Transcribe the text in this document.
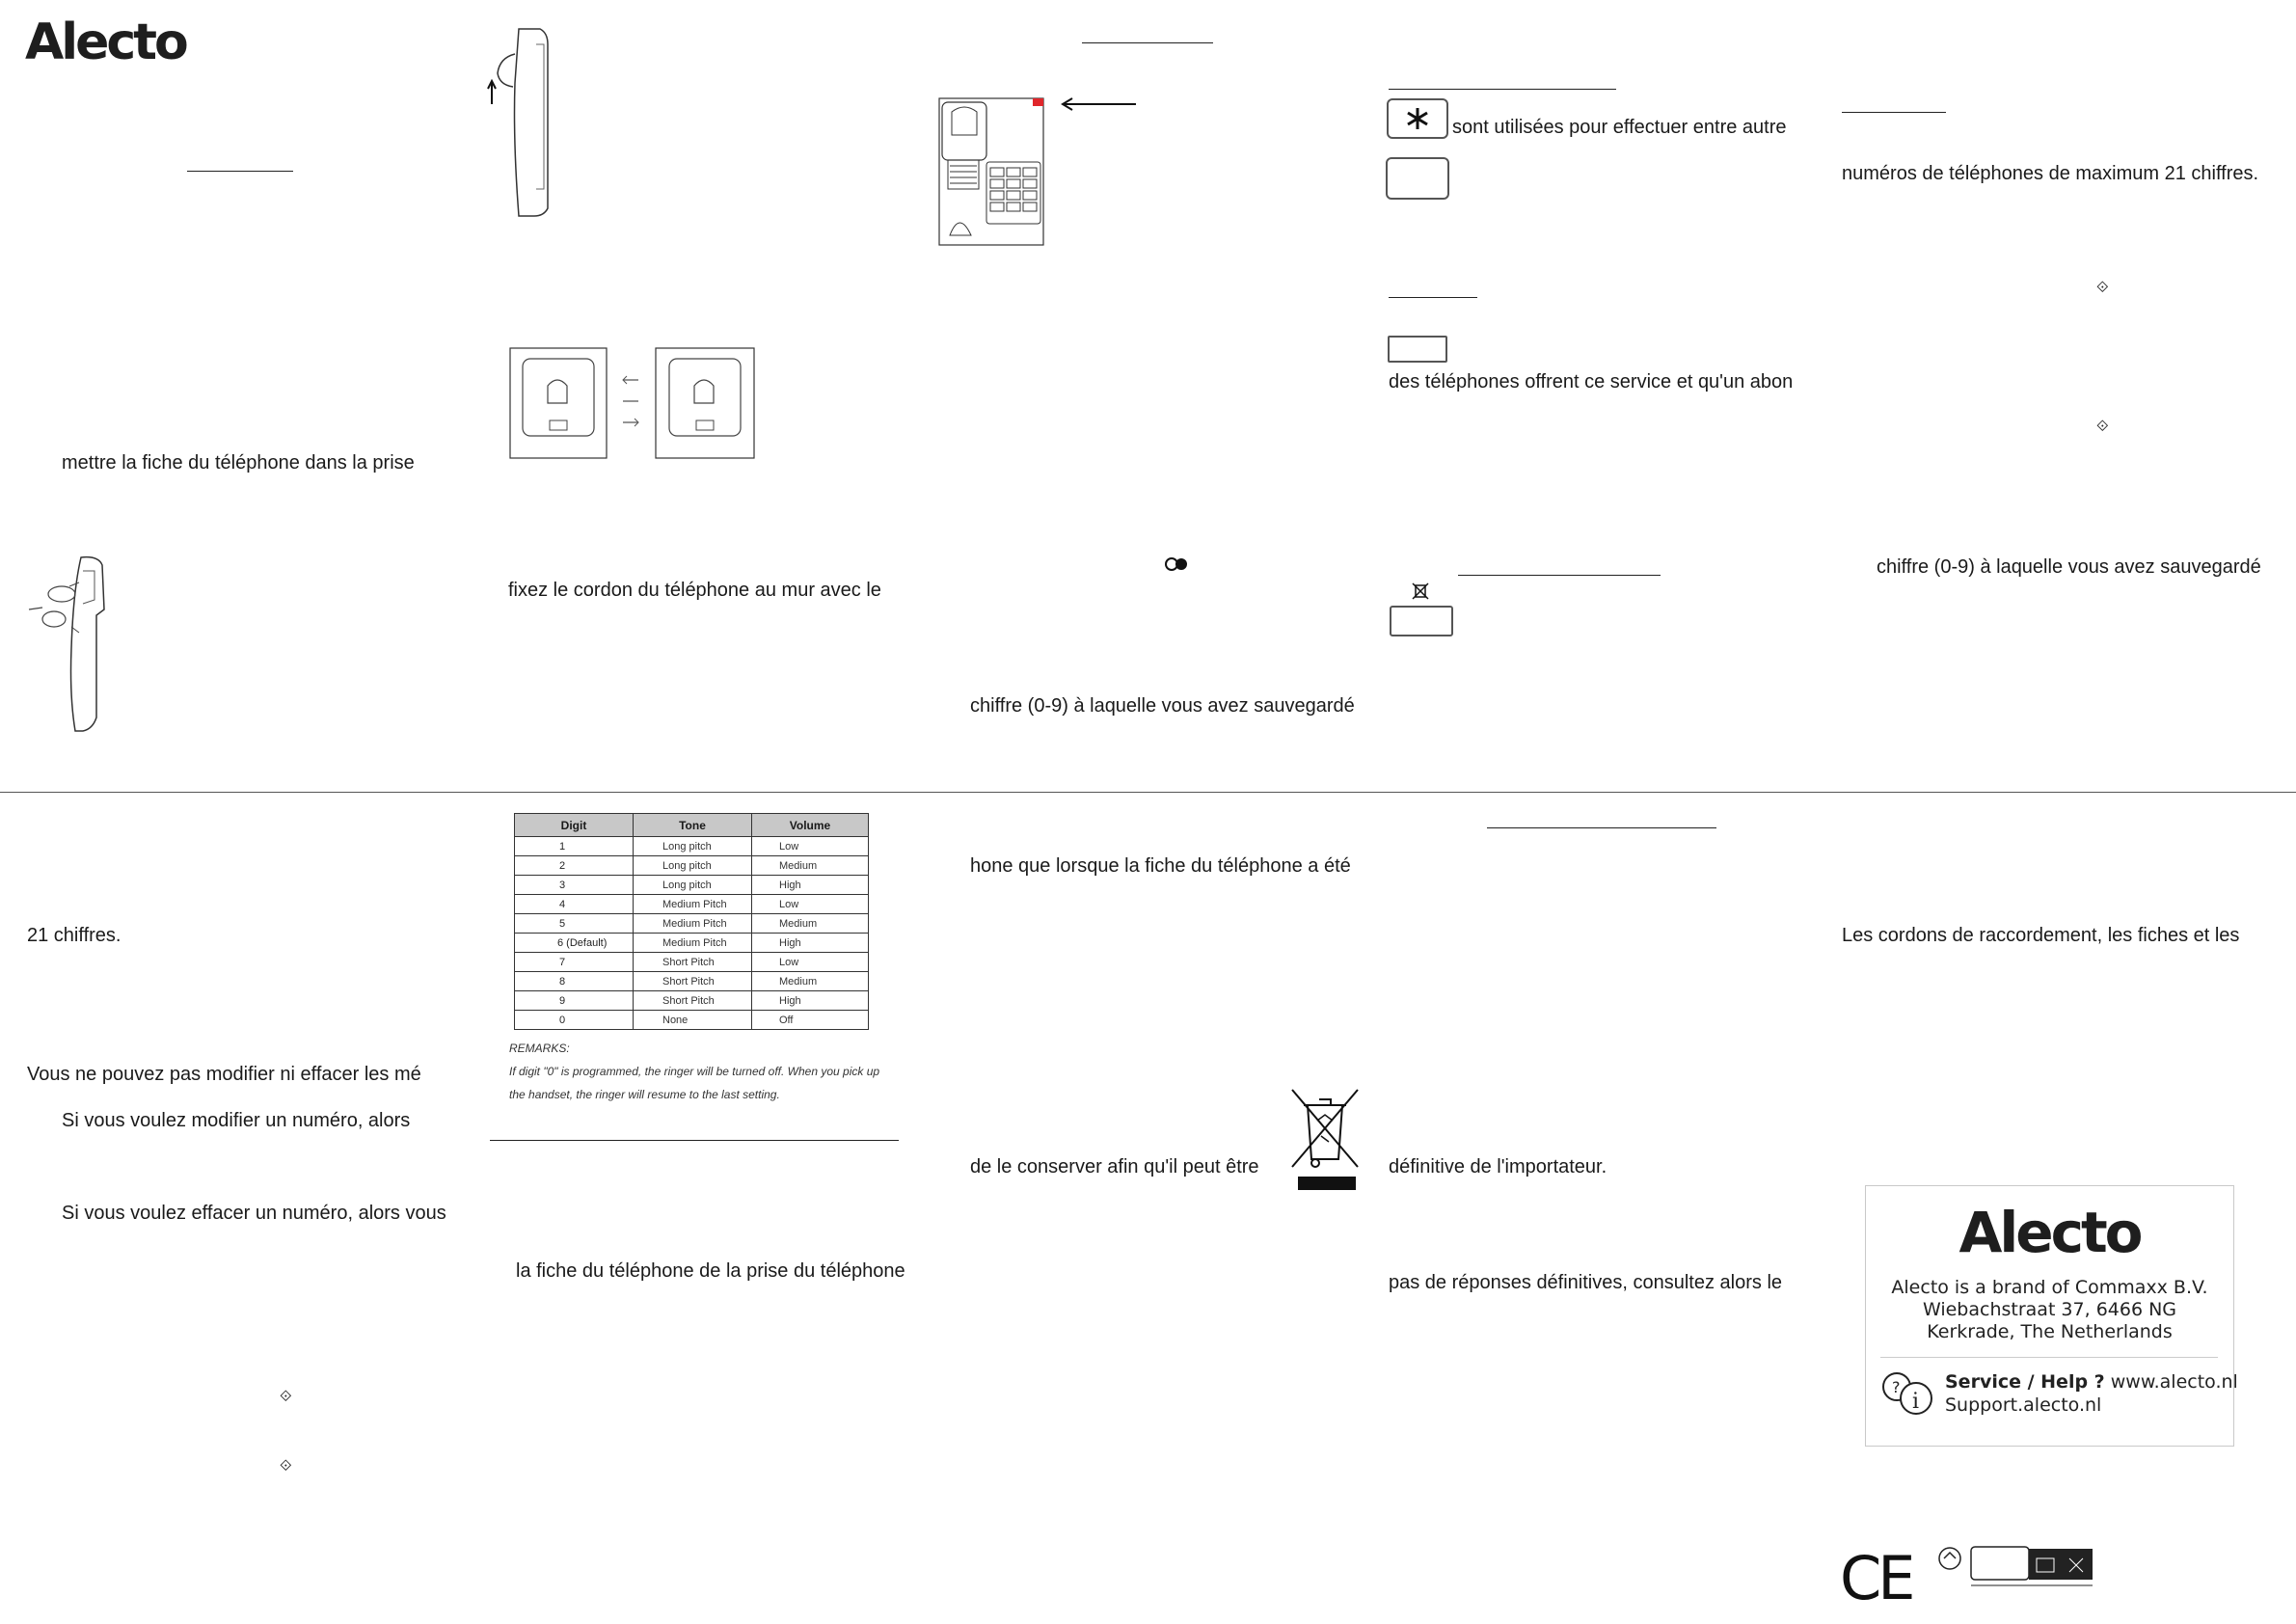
Alecto
mettre la fiche du téléphone dans la prise
fixez le cordon du téléphone au mur avec le
chiffre (0-9) à laquelle vous avez sauvegardé
sont utilisées pour effectuer entre autre
des téléphones offrent ce service et qu'un abon
numéros de téléphones de maximum 21 chiffres.
⟐
⟐
chiffre (0-9) à laquelle vous avez sauvegardé
21 chiffres.
Vous ne pouvez pas modifier ni effacer les mé
Si vous voulez modifier un numéro, alors
Si vous voulez effacer un numéro, alors vous
⟐
⟐
Digit	Tone	Volume
1	Long pitch	Low
2	Long pitch	Medium
3	Long pitch	High
4	Medium Pitch	Low
5	Medium Pitch	Medium
6 (Default)	Medium Pitch	High
7	Short Pitch	Low
8	Short Pitch	Medium
9	Short Pitch	High
0	None	Off
REMARKS:
If digit "0" is programmed, the ringer will be turned off. When you pick up
the handset, the ringer will resume to the last setting.
la fiche du téléphone de la prise du téléphone
hone que lorsque la fiche du téléphone a été
de le conserver afin qu'il peut être	définitive de l'importateur.
pas de réponses définitives, consultez alors le
Les cordons de raccordement, les fiches et les
Alecto
Alecto is a brand of Commaxx B.V.
Wiebachstraat 37, 6466 NG
Kerkrade, The Netherlands
?
i
Service / Help ? www.alecto.nl
Support.alecto.nl
CE
